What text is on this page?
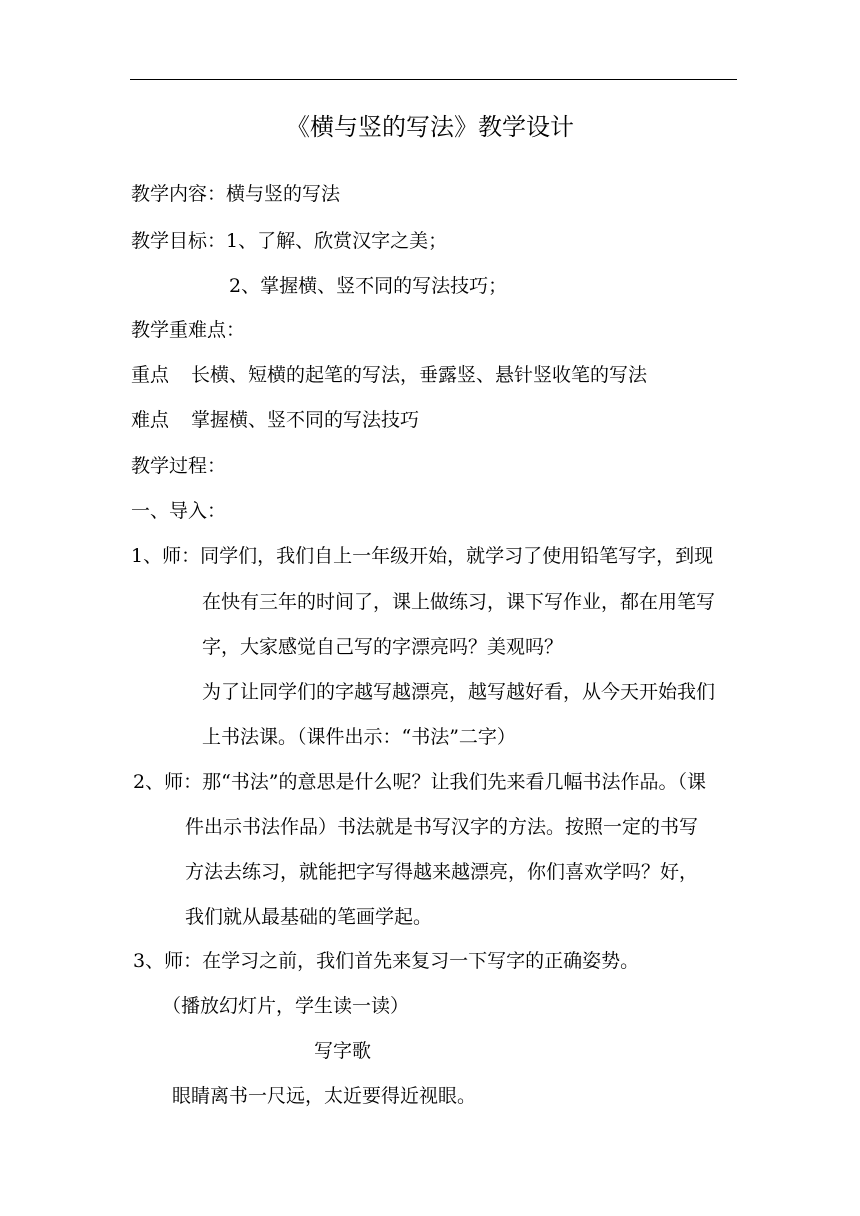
《横与竖的写法》教学设计
教学内容：横与竖的写法
教学目标：1、了解、欣赏汉字之美；
2、掌握横、竖不同的写法技巧；
教学重难点：
重点 长横、短横的起笔的写法，垂露竖、悬针竖收笔的写法
难点 掌握横、竖不同的写法技巧
教学过程：
一、导入：
1、师：同学们，我们自上一年级开始，就学习了使用铅笔写字，到现
在快有三年的时间了，课上做练习，课下写作业，都在用笔写
字，大家感觉自己写的字漂亮吗？美观吗？
为了让同学们的字越写越漂亮，越写越好看，从今天开始我们
上书法课。（课件出示：“书法”二字）
2、师：那“书法”的意思是什么呢？让我们先来看几幅书法作品。（课
件出示书法作品）书法就是书写汉字的方法。按照一定的书写
方法去练习，就能把字写得越来越漂亮，你们喜欢学吗？好，
我们就从最基础的笔画学起。
3、师：在学习之前，我们首先来复习一下写字的正确姿势。
（播放幻灯片，学生读一读）
写字歌
眼睛离书一尺远，太近要得近视眼。
